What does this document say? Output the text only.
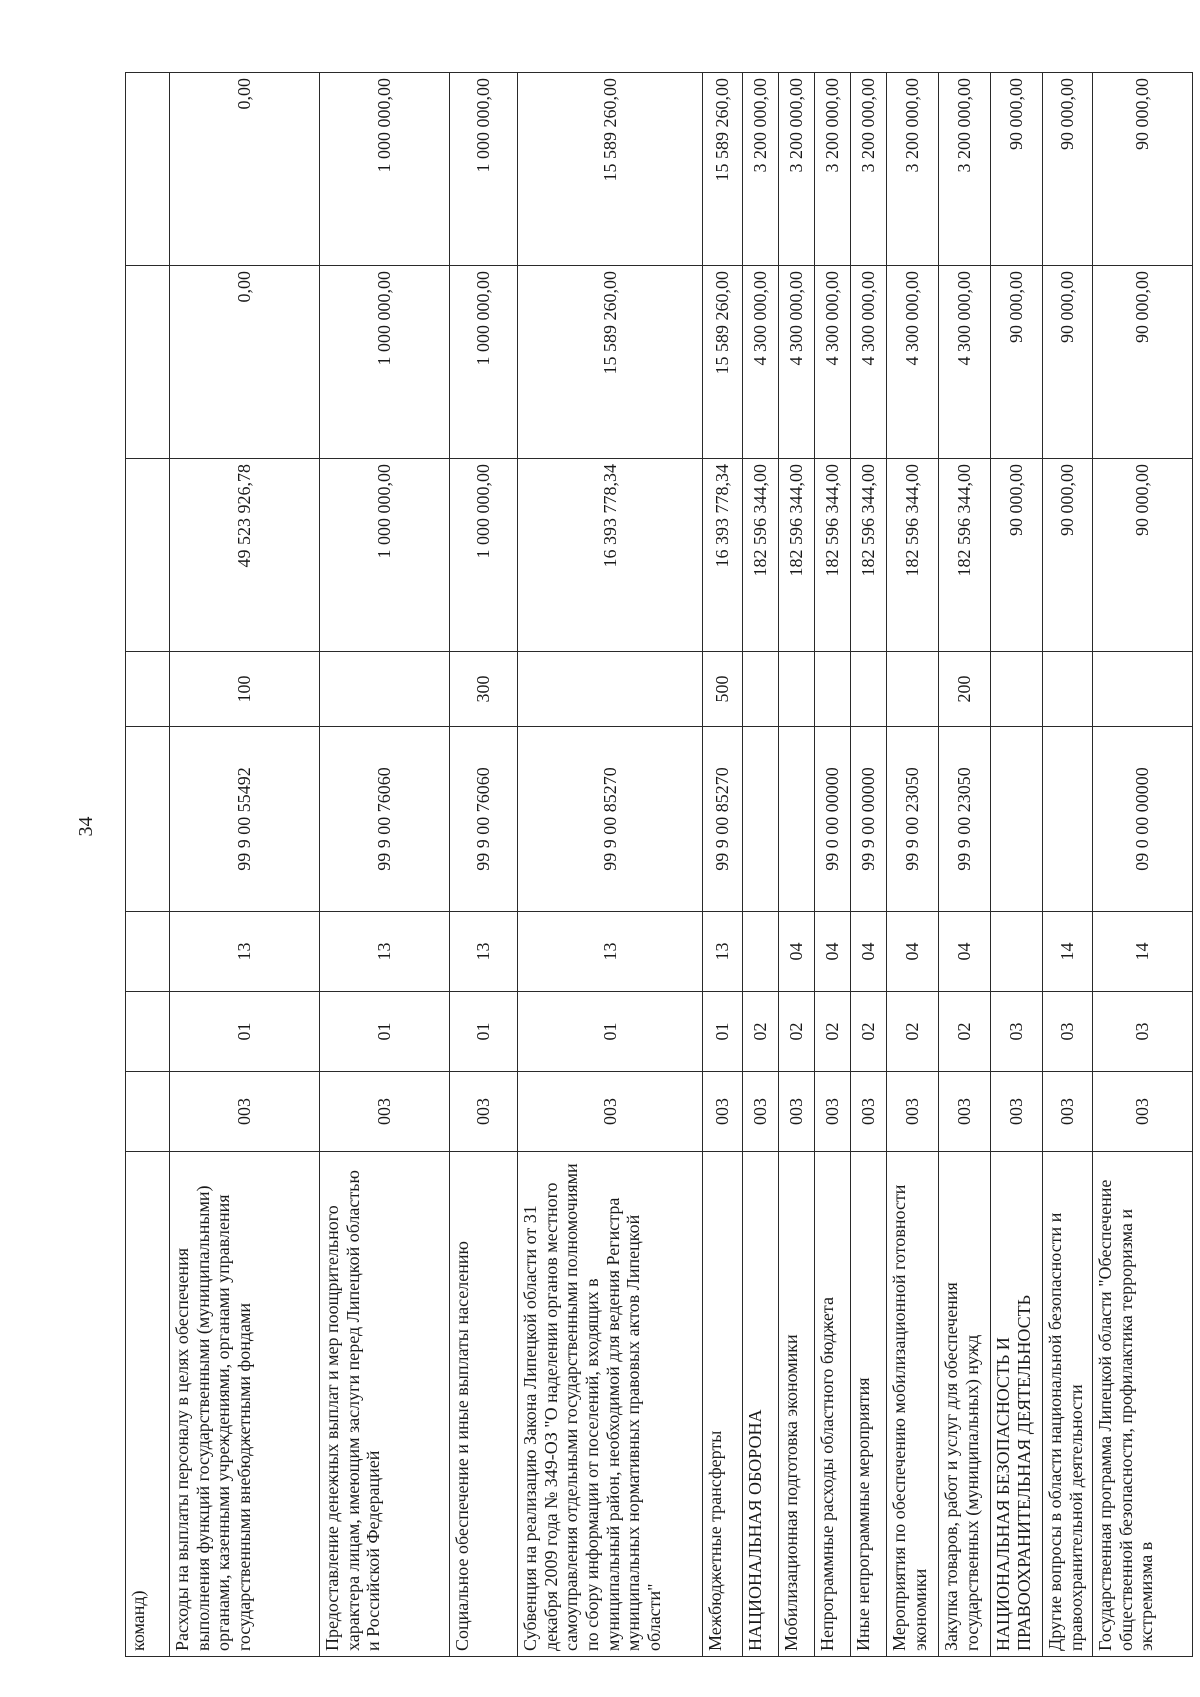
34
команд)								
Расходы на выплаты персоналу в целях обеспечения выполнения функций государственными (муниципальными) органами, казенными учреждениями, органами управления государственными внебюджетными фондами	003	01	13	99 9 00 55492	100	49 523 926,78	0,00	0,00
Предоставление денежных выплат и мер поощрительного характера лицам, имеющим заслуги перед Липецкой областью и Российской Федерацией	003	01	13	99 9 00 76060		1 000 000,00	1 000 000,00	1 000 000,00
Социальное обеспечение и иные выплаты населению	003	01	13	99 9 00 76060	300	1 000 000,00	1 000 000,00	1 000 000,00
Субвенция на реализацию Закона Липецкой области от 31 декабря 2009 года № 349-ОЗ "О наделении органов местного самоуправления отдельными государственными полномочиями по сбору информации от поселений, входящих в муниципальный район, необходимой для ведения Регистра муниципальных нормативных правовых актов Липецкой области"	003	01	13	99 9 00 85270		16 393 778,34	15 589 260,00	15 589 260,00
Межбюджетные трансферты	003	01	13	99 9 00 85270	500	16 393 778,34	15 589 260,00	15 589 260,00
НАЦИОНАЛЬНАЯ ОБОРОНА	003	02				182 596 344,00	4 300 000,00	3 200 000,00
Мобилизационная подготовка экономики	003	02	04			182 596 344,00	4 300 000,00	3 200 000,00
Непрограммные расходы областного бюджета	003	02	04	99 0 00 00000		182 596 344,00	4 300 000,00	3 200 000,00
Иные непрограммные мероприятия	003	02	04	99 9 00 00000		182 596 344,00	4 300 000,00	3 200 000,00
Мероприятия по обеспечению мобилизационной готовности экономики	003	02	04	99 9 00 23050		182 596 344,00	4 300 000,00	3 200 000,00
Закупка товаров, работ и услуг для обеспечения государственных (муниципальных) нужд	003	02	04	99 9 00 23050	200	182 596 344,00	4 300 000,00	3 200 000,00
НАЦИОНАЛЬНАЯ БЕЗОПАСНОСТЬ И ПРАВООХРАНИТЕЛЬНАЯ ДЕЯТЕЛЬНОСТЬ	003	03				90 000,00	90 000,00	90 000,00
Другие вопросы в области национальной безопасности и правоохранительной деятельности	003	03	14			90 000,00	90 000,00	90 000,00
Государственная программа Липецкой области "Обеспечение общественной безопасности, профилактика терроризма и экстремизма в	003	03	14	09 0 00 00000		90 000,00	90 000,00	90 000,00
